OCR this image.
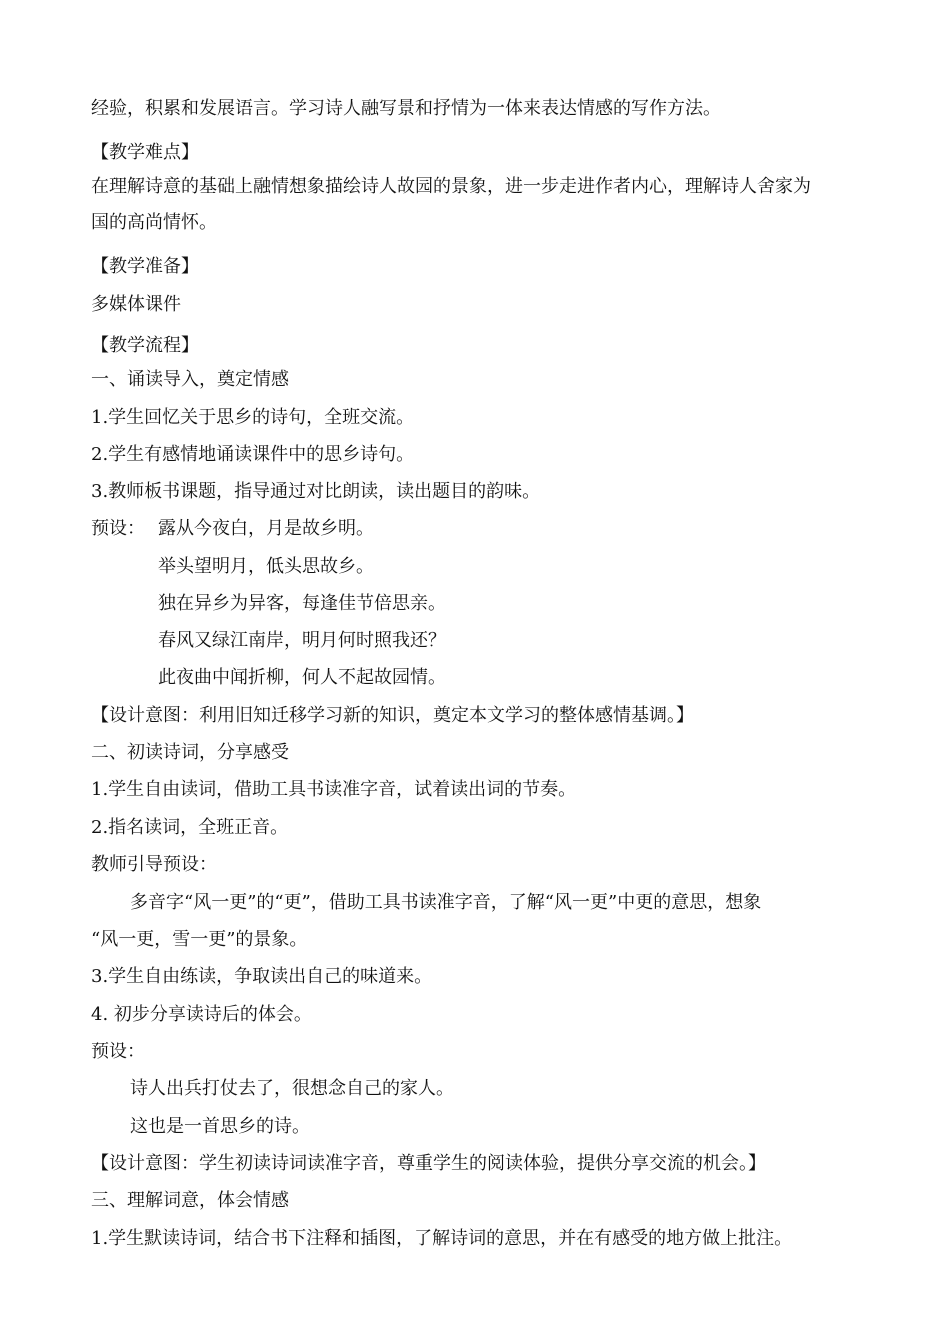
经验，积累和发展语言。学习诗人融写景和抒情为一体来表达情感的写作方法。
【教学难点】
在理解诗意的基础上融情想象描绘诗人故园的景象，进一步走进作者内心，理解诗人舍家为
国的高尚情怀。
【教学准备】
多媒体课件
【教学流程】
一、诵读导入，奠定情感
1.学生回忆关于思乡的诗句，全班交流。
2.学生有感情地诵读课件中的思乡诗句。
3.教师板书课题，指导通过对比朗读，读出题目的韵味。
预设： 露从今夜白，月是故乡明。
举头望明月，低头思故乡。
独在异乡为异客，每逢佳节倍思亲。
春风又绿江南岸，明月何时照我还？
此夜曲中闻折柳，何人不起故园情。
【设计意图：利用旧知迁移学习新的知识，奠定本文学习的整体感情基调。】
二、初读诗词，分享感受
1.学生自由读词，借助工具书读准字音，试着读出词的节奏。
2.指名读词，全班正音。
教师引导预设：
多音字“风一更”的“更”，借助工具书读准字音，了解“风一更”中更的意思，想象
“风一更，雪一更”的景象。
3.学生自由练读，争取读出自己的味道来。
4. 初步分享读诗后的体会。
预设：
诗人出兵打仗去了，很想念自己的家人。
这也是一首思乡的诗。
【设计意图：学生初读诗词读准字音，尊重学生的阅读体验，提供分享交流的机会。】
三、理解词意，体会情感
1.学生默读诗词，结合书下注释和插图，了解诗词的意思，并在有感受的地方做上批注。
